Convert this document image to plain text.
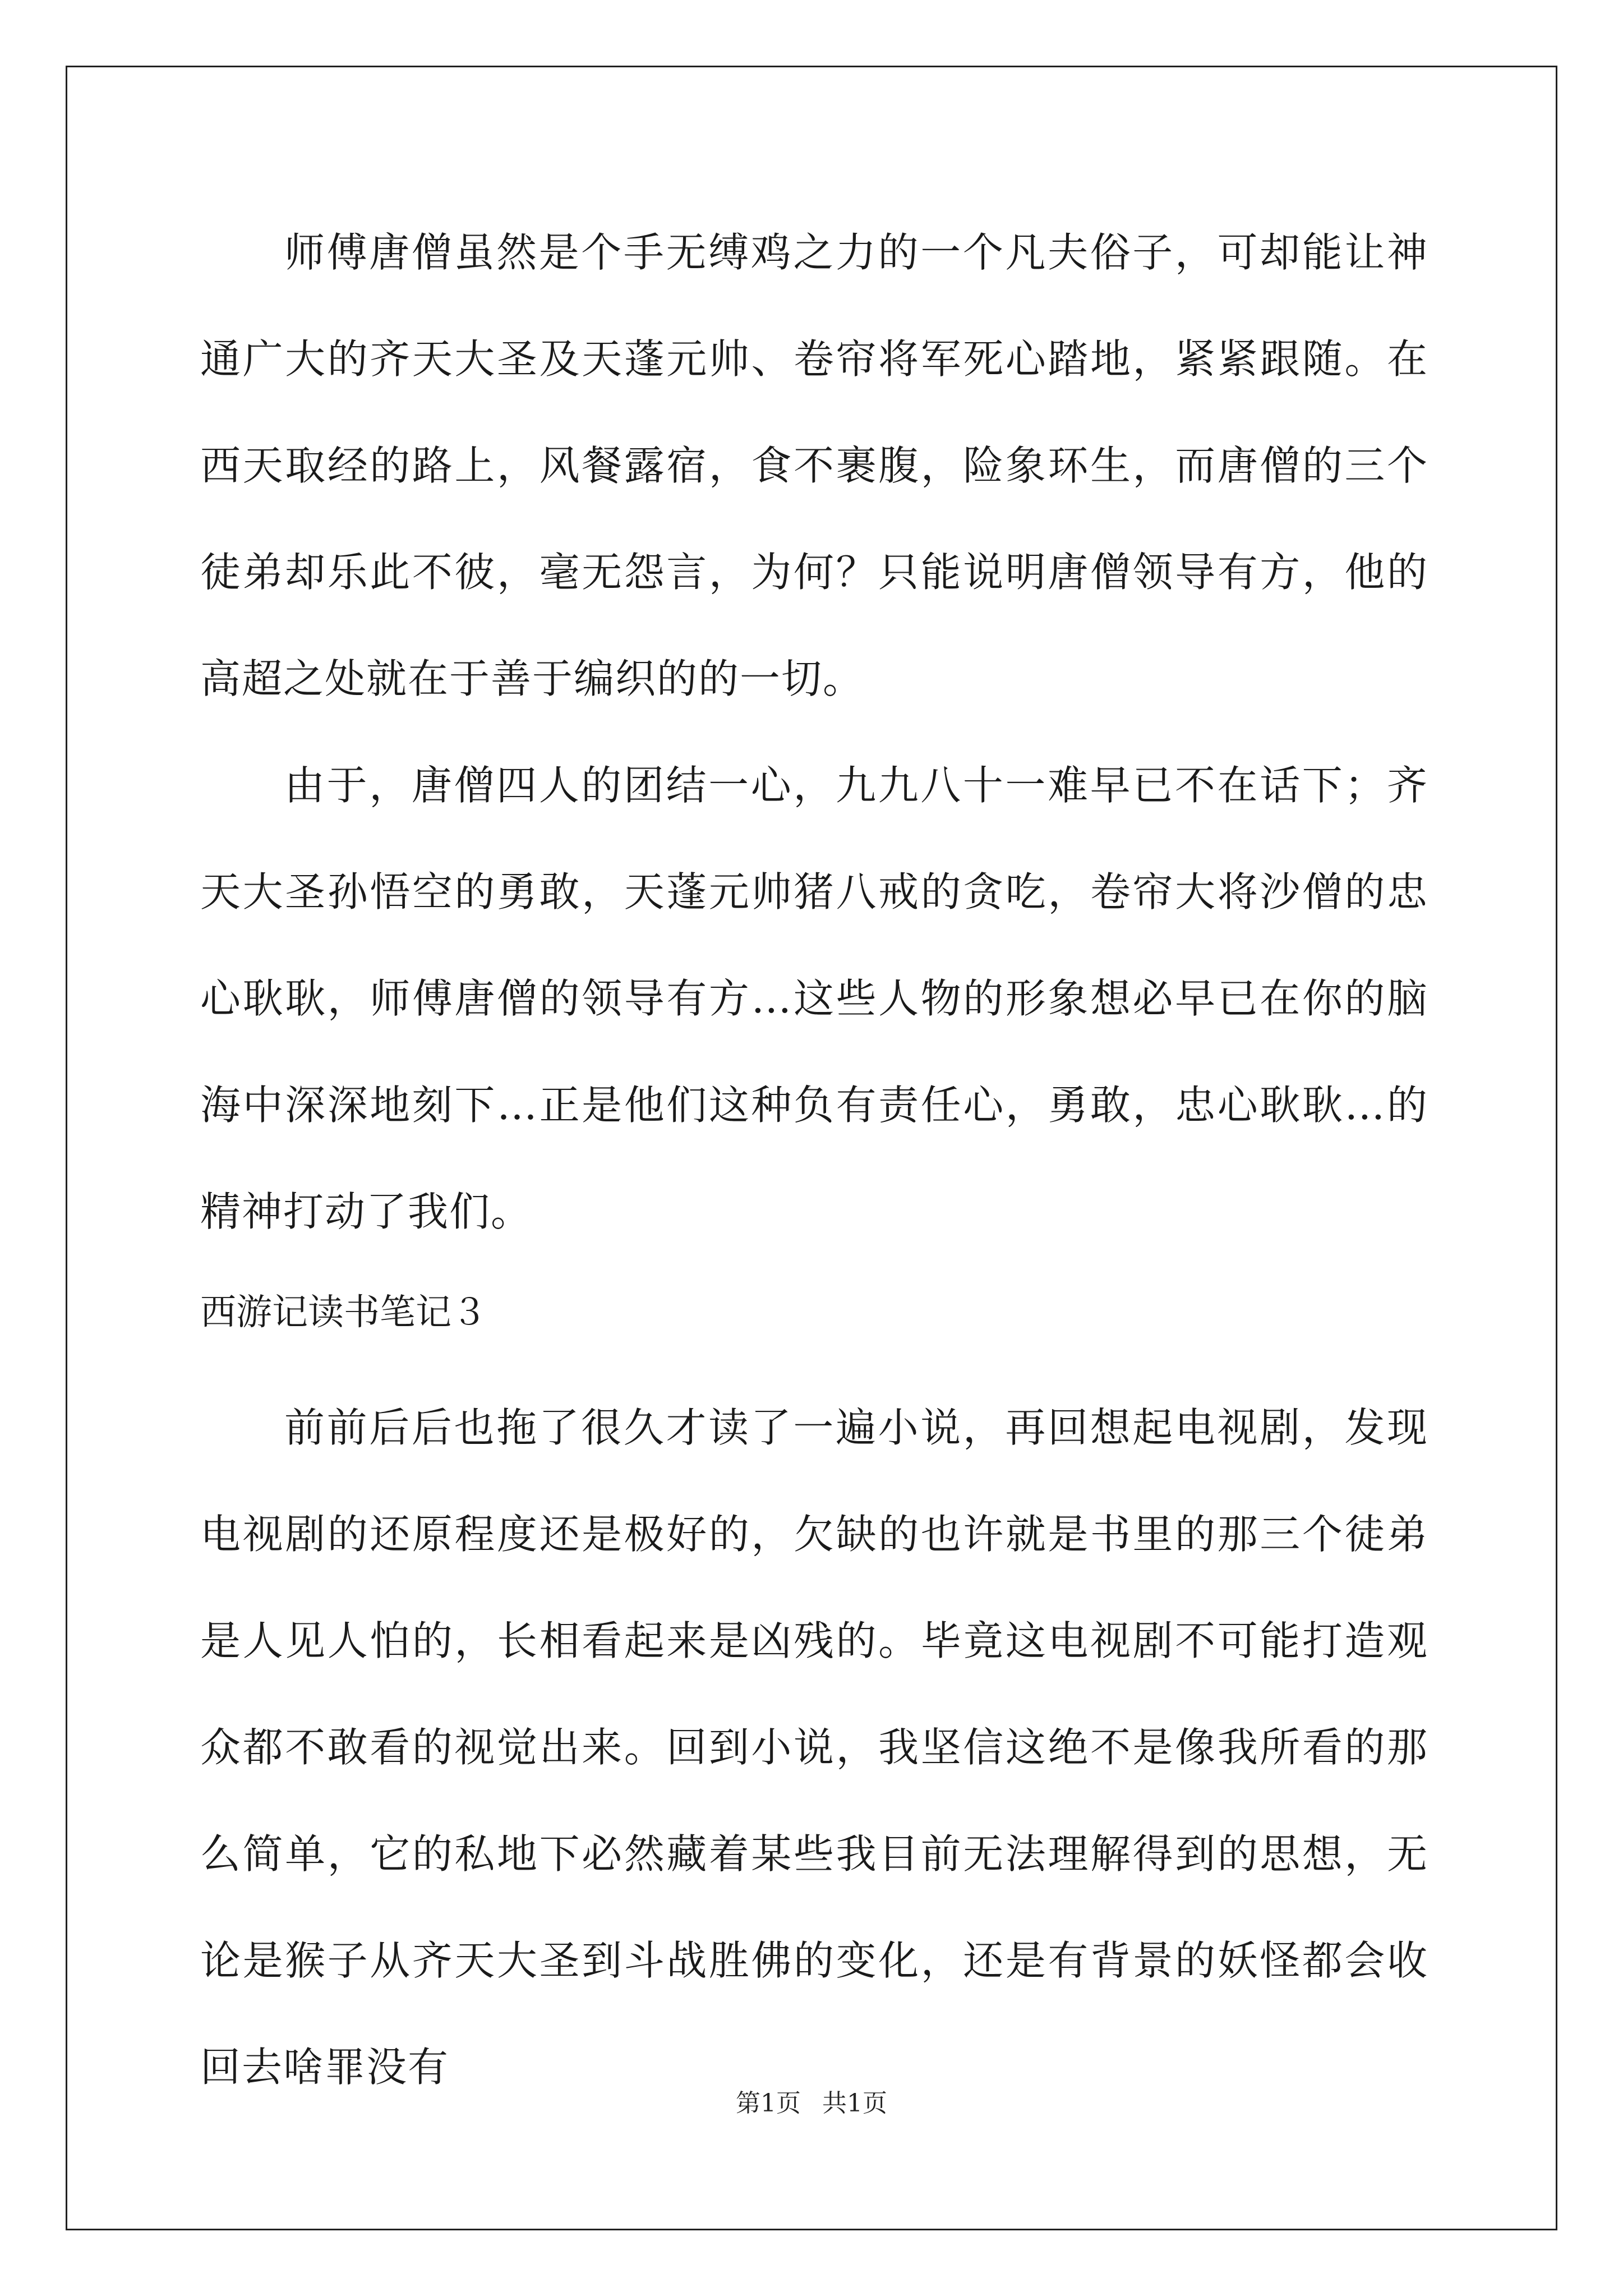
师傅唐僧虽然是个手无缚鸡之力的一个凡夫俗子，可却能让神通广大的齐天大圣及天蓬元帅、卷帘将军死心踏地，紧紧跟随。在西天取经的路上，风餐露宿，食不裹腹，险象环生，而唐僧的三个徒弟却乐此不彼，毫无怨言，为何？只能说明唐僧领导有方，他的高超之处就在于善于编织的的一切。

由于，唐僧四人的团结一心，九九八十一难早已不在话下；齐天大圣孙悟空的勇敢，天蓬元帅猪八戒的贪吃，卷帘大将沙僧的忠心耿耿，师傅唐僧的领导有方…这些人物的形象想必早已在你的脑海中深深地刻下…正是他们这种负有责任心，勇敢，忠心耿耿…的精神打动了我们。

西游记读书笔记３

前前后后也拖了很久才读了一遍小说，再回想起电视剧，发现电视剧的还原程度还是极好的，欠缺的也许就是书里的那三个徒弟是人见人怕的，长相看起来是凶残的。毕竟这电视剧不可能打造观众都不敢看的视觉出来。回到小说，我坚信这绝不是像我所看的那么简单，它的私地下必然藏着某些我目前无法理解得到的思想，无论是猴子从齐天大圣到斗战胜佛的变化，还是有背景的妖怪都会收回去啥罪没有

第1页 共1页
